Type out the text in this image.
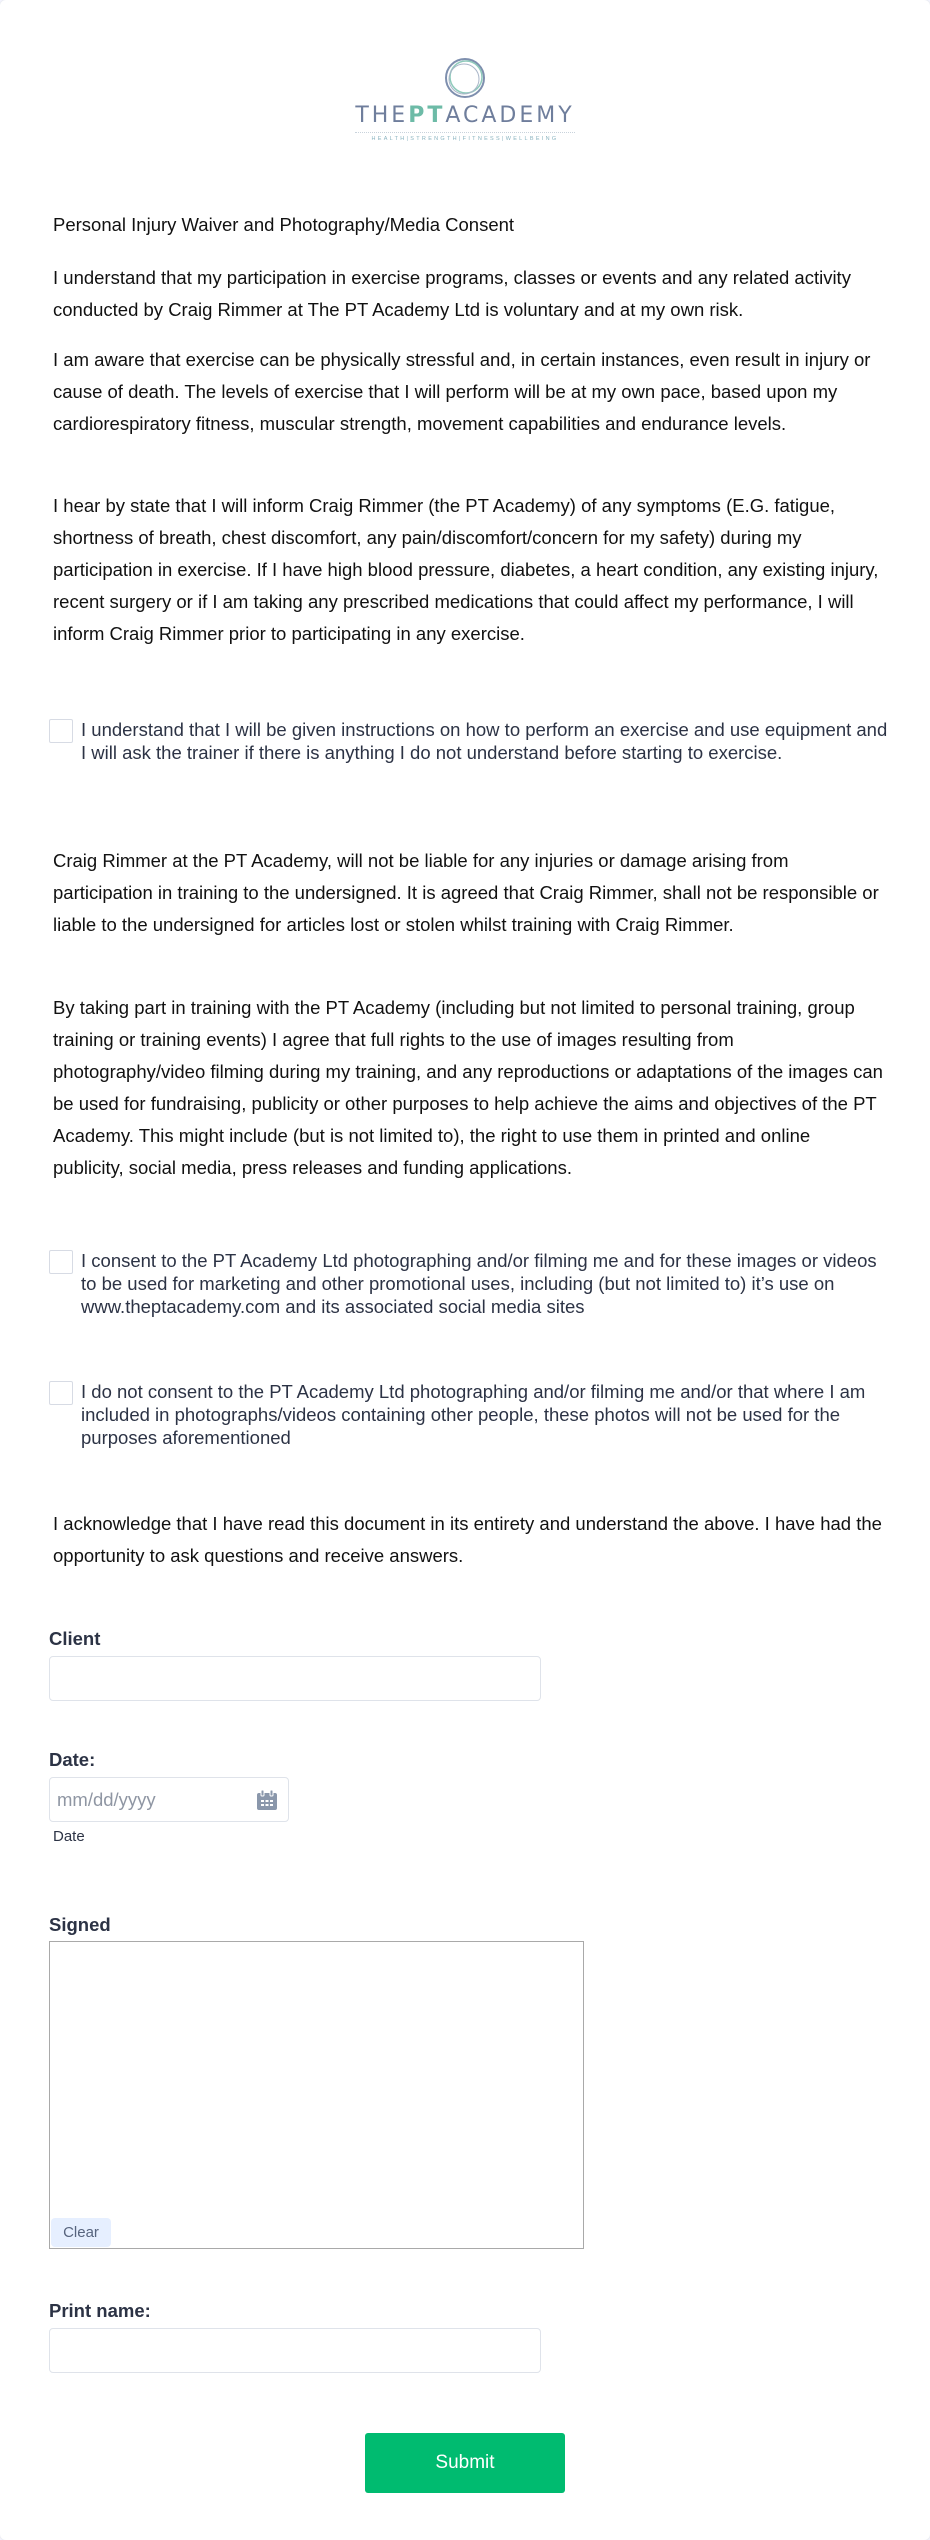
THEPTACADEMY
HEALTH|STRENGTH|FITNESS|WELLBEING
Personal Injury Waiver and Photography/Media Consent
I understand that my participation in exercise programs, classes or events and any related activity conducted by Craig Rimmer at The PT Academy Ltd is voluntary and at my own risk.
I am aware that exercise can be physically stressful and, in certain instances, even result in injury or cause of death. The levels of exercise that I will perform will be at my own pace, based upon my cardiorespiratory fitness, muscular strength, movement capabilities and endurance levels.
I hear by state that I will inform Craig Rimmer (the PT Academy) of any symptoms (E.G. fatigue, shortness of breath, chest discomfort, any pain/discomfort/concern for my safety) during my participation in exercise. If I have high blood pressure, diabetes, a heart condition, any existing injury, recent surgery or if I am taking any prescribed medications that could affect my performance, I will inform Craig Rimmer prior to participating in any exercise.
I understand that I will be given instructions on how to perform an exercise and use equipment and I will ask the trainer if there is anything I do not understand before starting to exercise.
Craig Rimmer at the PT Academy, will not be liable for any injuries or damage arising from participation in training to the undersigned. It is agreed that Craig Rimmer, shall not be responsible or liable to the undersigned for articles lost or stolen whilst training with Craig Rimmer.
By taking part in training with the PT Academy (including but not limited to personal training, group training or training events) I agree that full rights to the use of images resulting from photography/video filming during my training, and any reproductions or adaptations of the images can be used for fundraising, publicity or other purposes to help achieve the aims and objectives of the PT Academy. This might include (but is not limited to), the right to use them in printed and online publicity, social media, press releases and funding applications.
I consent to the PT Academy Ltd photographing and/or filming me and for these images or videos to be used for marketing and other promotional uses, including (but not limited to) it’s use on www.theptacademy.com and its associated social media sites
I do not consent to the PT Academy Ltd photographing and/or filming me and/or that where I am included in photographs/videos containing other people, these photos will not be used for the purposes aforementioned
I acknowledge that I have read this document in its entirety and understand the above. I have had the opportunity to ask questions and receive answers.
Client
Date:
mm/dd/yyyy
Date
Signed
Clear
Print name:
Submit
